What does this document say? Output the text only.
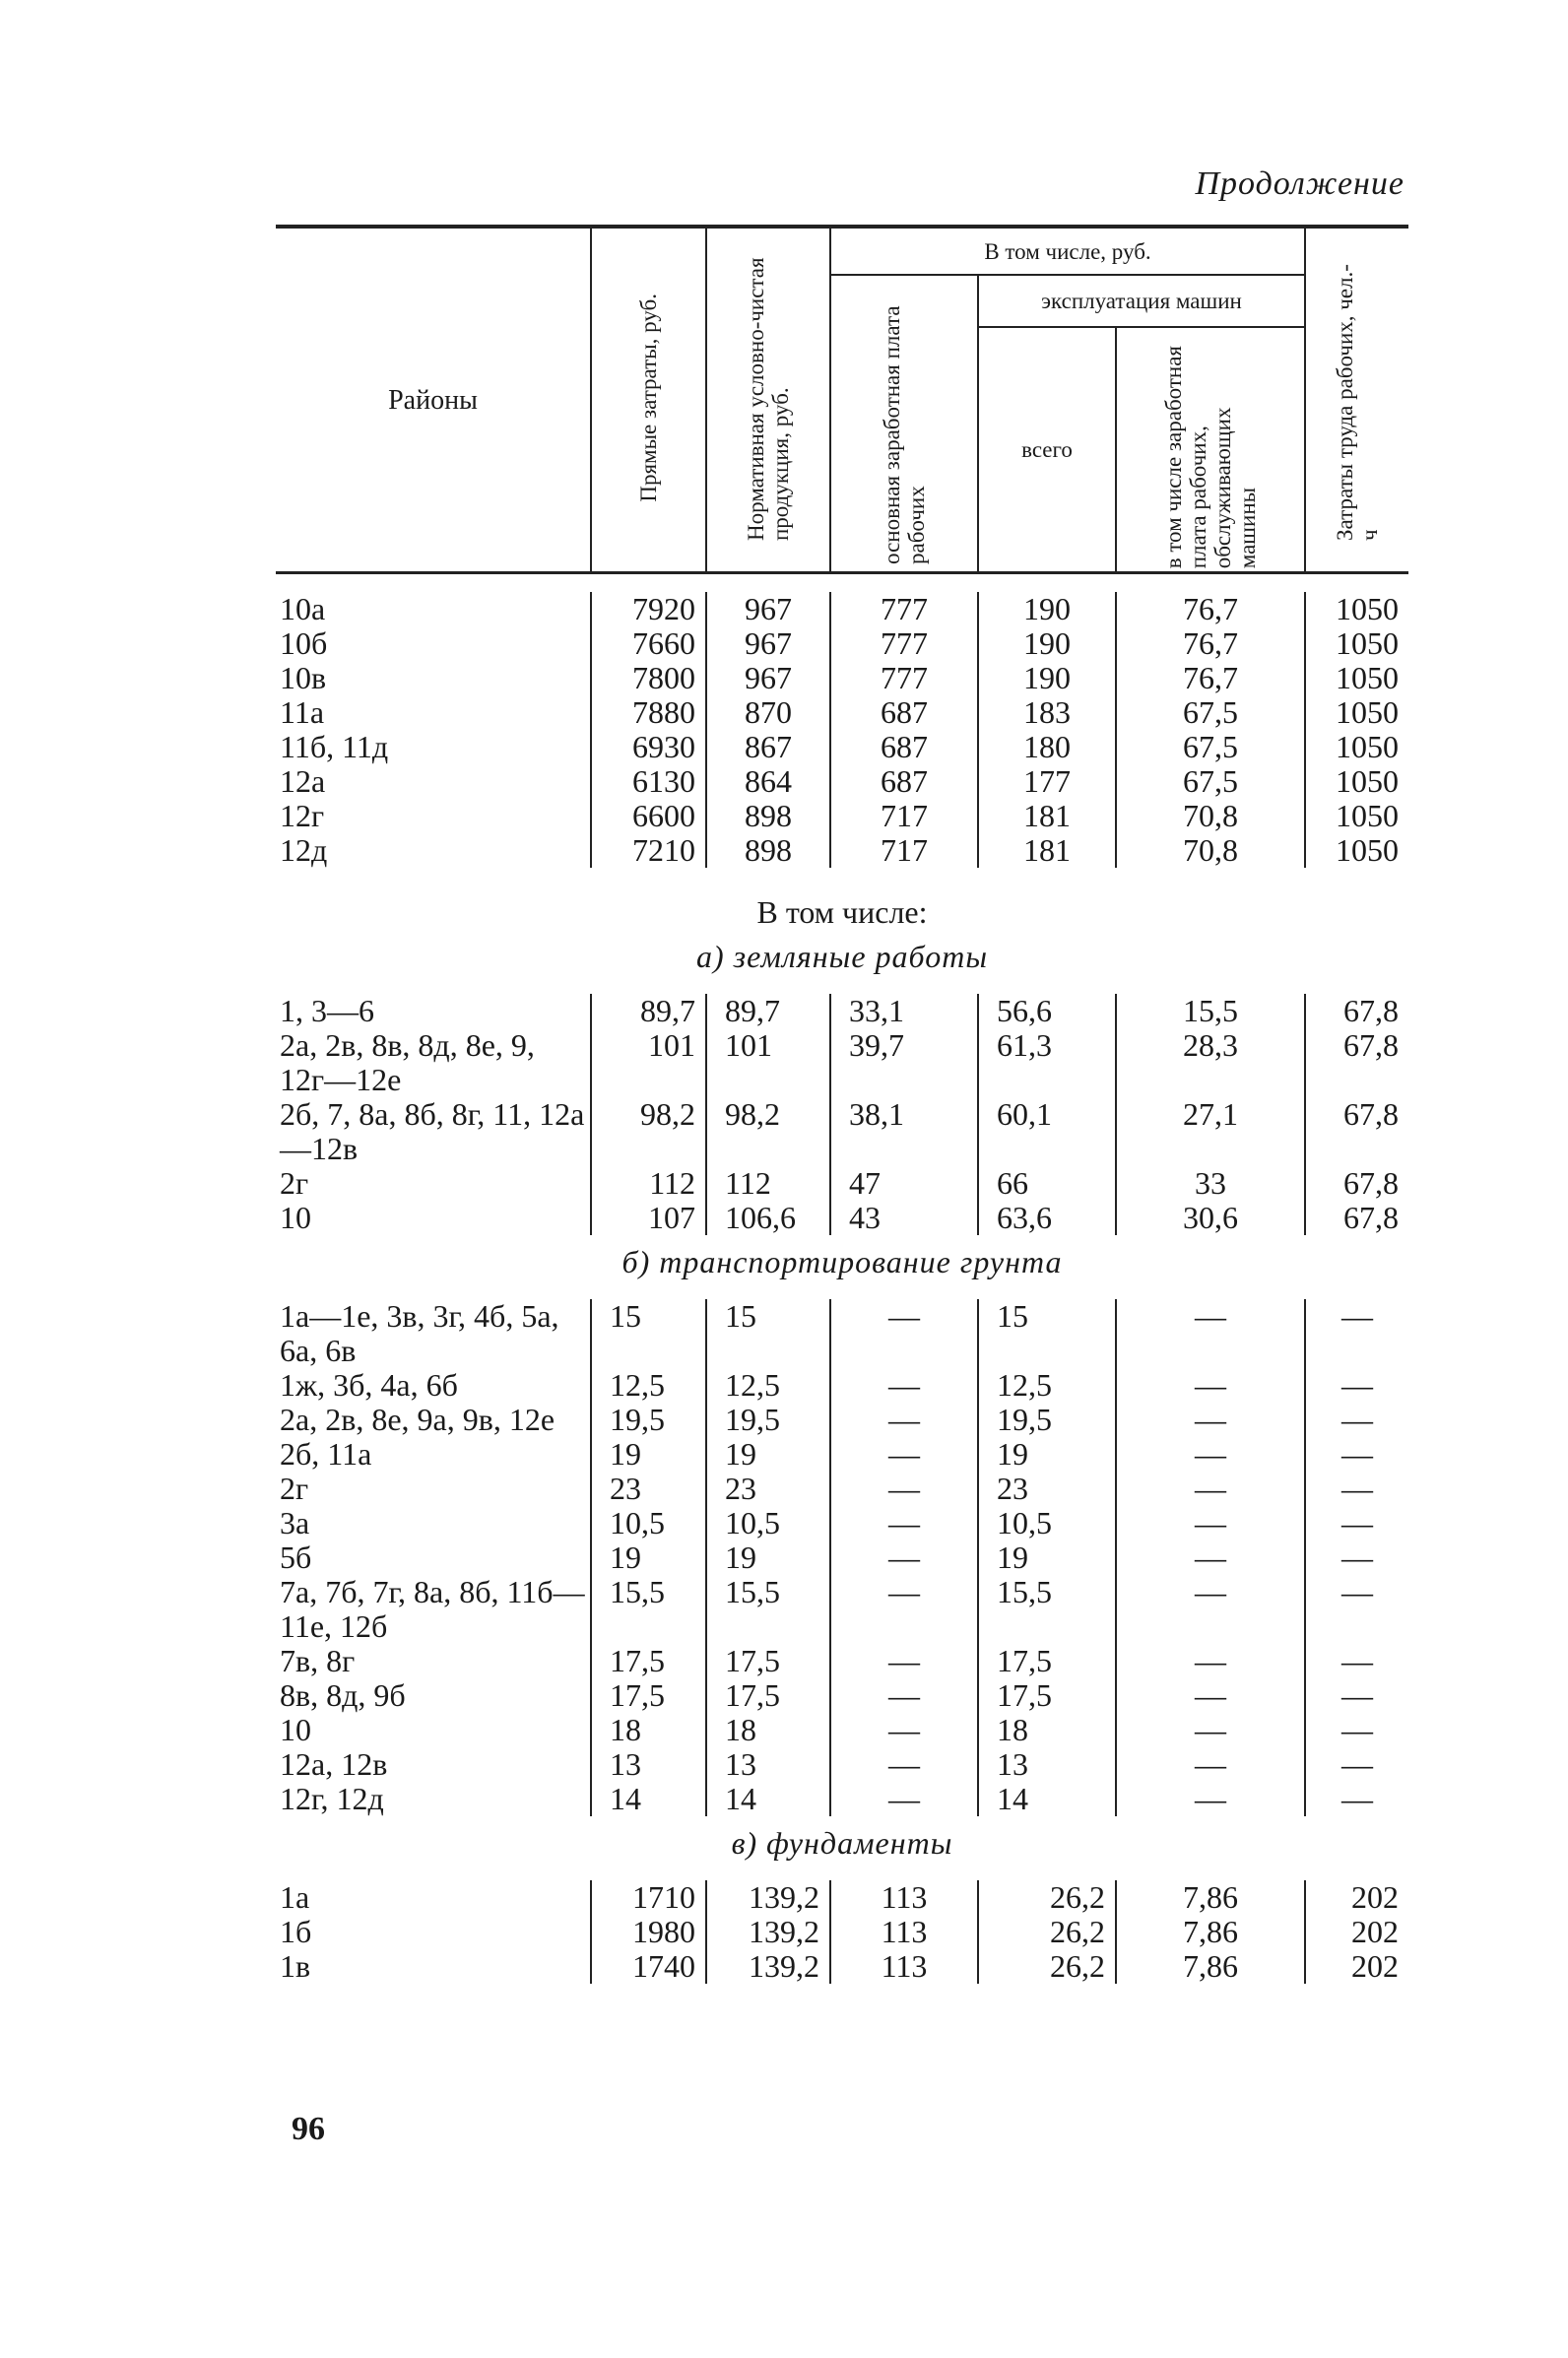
Продолжение
Районы	Прямые затраты, руб.	Нормативная условно-чистая продукция, руб.	В том числе, руб.			Затраты труда рабочих, чел.-ч
			основная заработная плата рабочих	эксплуатация машин		
				всего	в том числе заработная плата рабочих, обслуживающих машины	

10а	7920	967	777	190	76,7	1050
10б	7660	967	777	190	76,7	1050
10в	7800	967	777	190	76,7	1050
11а	7880	870	687	183	67,5	1050
11б, 11д	6930	867	687	180	67,5	1050
12а	6130	864	687	177	67,5	1050
12г	6600	898	717	181	70,8	1050
12д	7210	898	717	181	70,8	1050
В том числе:						
а) земляные работы						
1, 3—6	89,7	89,7	33,1	56,6	15,5	67,8
2а, 2в, 8в, 8д, 8е, 9, 12г—12е	101	101	39,7	61,3	28,3	67,8
2б, 7, 8а, 8б, 8г, 11, 12а—12в	98,2	98,2	38,1	60,1	27,1	67,8
2г	112	112	47	66	33	67,8
10	107	106,6	43	63,6	30,6	67,8
б) транспортирование грунта						
1а—1е, 3в, 3г, 4б, 5а, 6а, 6в	15	15	—	15	—	—
1ж, 3б, 4а, 6б	12,5	12,5	—	12,5	—	—
2а, 2в, 8е, 9а, 9в, 12е	19,5	19,5	—	19,5	—	—
2б, 11а	19	19	—	19	—	—
2г	23	23	—	23	—	—
3а	10,5	10,5	—	10,5	—	—
5б	19	19	—	19	—	—
7а, 7б, 7г, 8а, 8б, 11б—11е, 12б	15,5	15,5	—	15,5	—	—
7в, 8г	17,5	17,5	—	17,5	—	—
8в, 8д, 9б	17,5	17,5	—	17,5	—	—
10	18	18	—	18	—	—
12а, 12в	13	13	—	13	—	—
12г, 12д	14	14	—	14	—	—
в) фундаменты						
1а	1710	139,2	113	26,2	7,86	202
1б	1980	139,2	113	26,2	7,86	202
1в	1740	139,2	113	26,2	7,86	202
96
